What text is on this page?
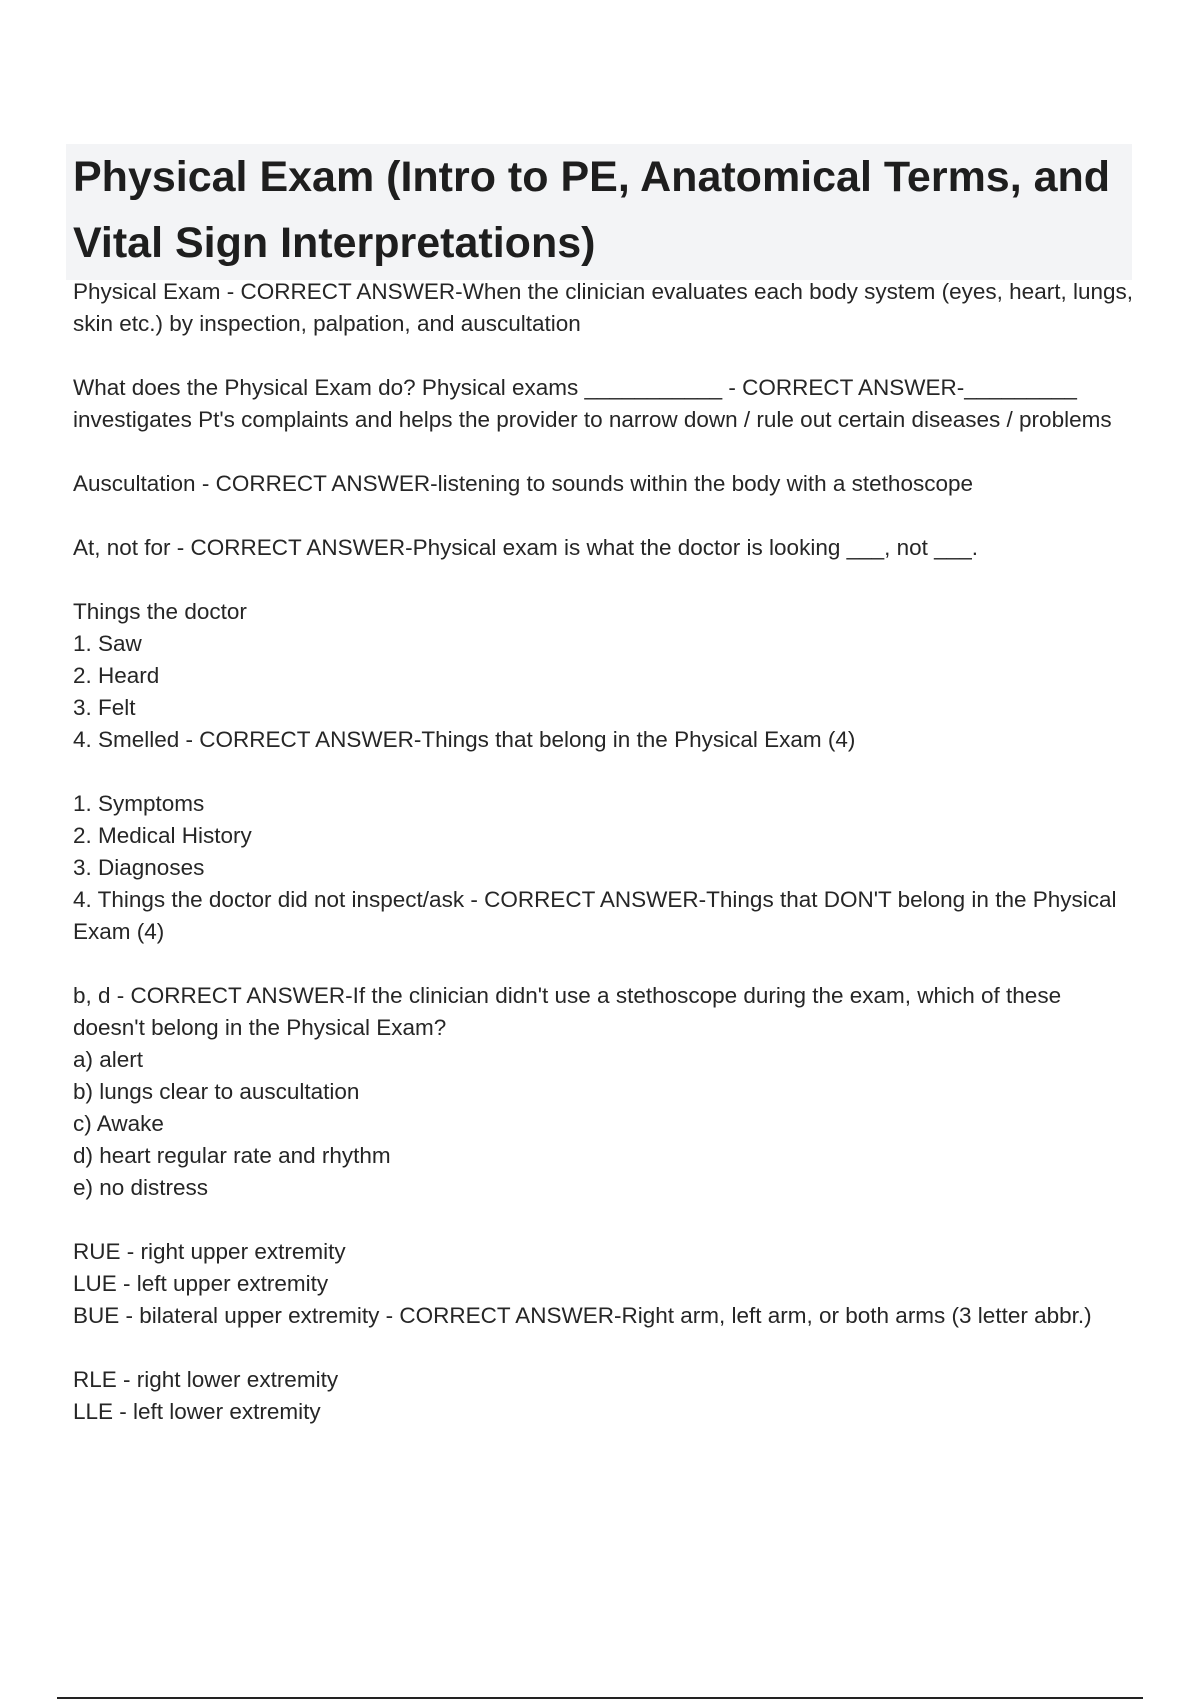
Physical Exam (Intro to PE, Anatomical Terms, and Vital Sign Interpretations)

Physical Exam - CORRECT ANSWER-When the clinician evaluates each body system (eyes, heart, lungs, skin etc.) by inspection, palpation, and auscultation

What does the Physical Exam do? Physical exams ___________ - CORRECT ANSWER-_________ investigates Pt's complaints and helps the provider to narrow down / rule out certain diseases / problems

Auscultation - CORRECT ANSWER-listening to sounds within the body with a stethoscope

At, not for - CORRECT ANSWER-Physical exam is what the doctor is looking ___, not ___.

Things the doctor
1. Saw
2. Heard
3. Felt
4. Smelled - CORRECT ANSWER-Things that belong in the Physical Exam (4)

1. Symptoms
2. Medical History
3. Diagnoses
4. Things the doctor did not inspect/ask - CORRECT ANSWER-Things that DON'T belong in the Physical Exam (4)

b, d - CORRECT ANSWER-If the clinician didn't use a stethoscope during the exam, which of these doesn't belong in the Physical Exam?
a) alert
b) lungs clear to auscultation
c) Awake
d) heart regular rate and rhythm
e) no distress

RUE - right upper extremity
LUE - left upper extremity
BUE - bilateral upper extremity - CORRECT ANSWER-Right arm, left arm, or both arms (3 letter abbr.)

RLE - right lower extremity
LLE - left lower extremity
